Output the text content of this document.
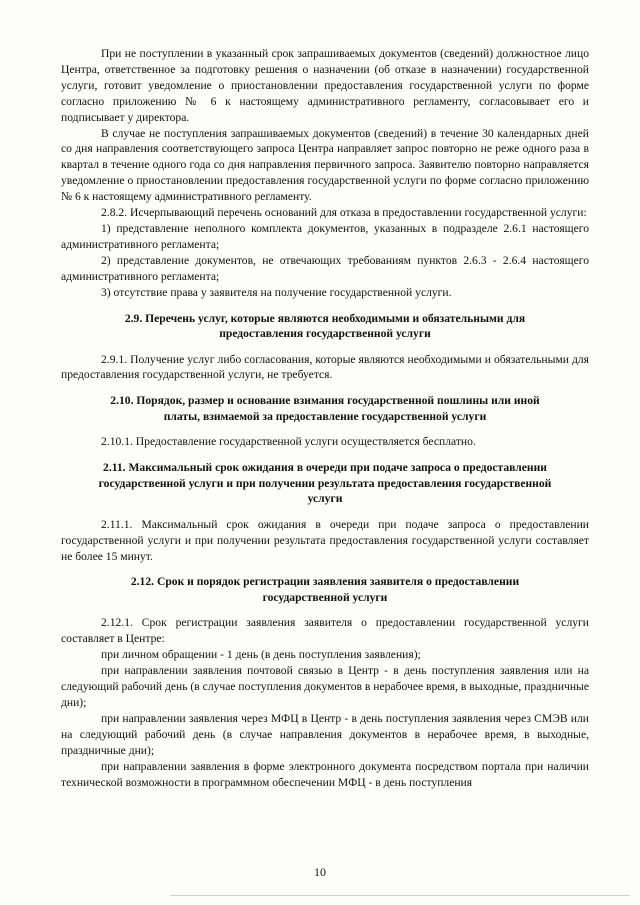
При не поступлении в указанный срок запрашиваемых документов (сведений) должностное лицо Центра, ответственное за подготовку решения о назначении (об отказе в назначении) государственной услуги, готовит уведомление о приостановлении предоставления государственной услуги по форме согласно приложению № 6 к настоящему административного регламенту, согласовывает его и подписывает у директора.

В случае не поступления запрашиваемых документов (сведений) в течение 30 календарных дней со дня направления соответствующего запроса Центра направляет запрос повторно не реже одного раза в квартал в течение одного года со дня направления первичного запроса. Заявителю повторно направляется уведомление о приостановлении предоставления государственной услуги по форме согласно приложению № 6 к настоящему административного регламенту.

2.8.2. Исчерпывающий перечень оснований для отказа в предоставлении государственной услуги:

1) представление неполного комплекта документов, указанных в подразделе 2.6.1 настоящего административного регламента;

2) представление документов, не отвечающих требованиям пунктов 2.6.3 - 2.6.4 настоящего административного регламента;

3) отсутствие права у заявителя на получение государственной услуги.

2.9. Перечень услуг, которые являются необходимыми и обязательными для предоставления государственной услуги

2.9.1. Получение услуг либо согласования, которые являются необходимыми и обязательными для предоставления государственной услуги, не требуется.

2.10. Порядок, размер и основание взимания государственной пошлины или иной платы, взимаемой за предоставление государственной услуги

2.10.1. Предоставление государственной услуги осуществляется бесплатно.

2.11. Максимальный срок ожидания в очереди при подаче запроса о предоставлении государственной услуги и при получении результата предоставления государственной услуги

2.11.1. Максимальный срок ожидания в очереди при подаче запроса о предоставлении государственной услуги и при получении результата предоставления государственной услуги составляет не более 15 минут.

2.12. Срок и порядок регистрации заявления заявителя о предоставлении государственной услуги

2.12.1. Срок регистрации заявления заявителя о предоставлении государственной услуги составляет в Центре:

при личном обращении - 1 день (в день поступления заявления);

при направлении заявления почтовой связью в Центр - в день поступления заявления или на следующий рабочий день (в случае поступления документов в нерабочее время, в выходные, праздничные дни);

при направлении заявления через МФЦ в Центр - в день поступления заявления через СМЭВ или на следующий рабочий день (в случае направления документов в нерабочее время, в выходные, праздничные дни);

при направлении заявления в форме электронного документа посредством портала при наличии технической возможности в программном обеспечении МФЦ - в день поступления

10
